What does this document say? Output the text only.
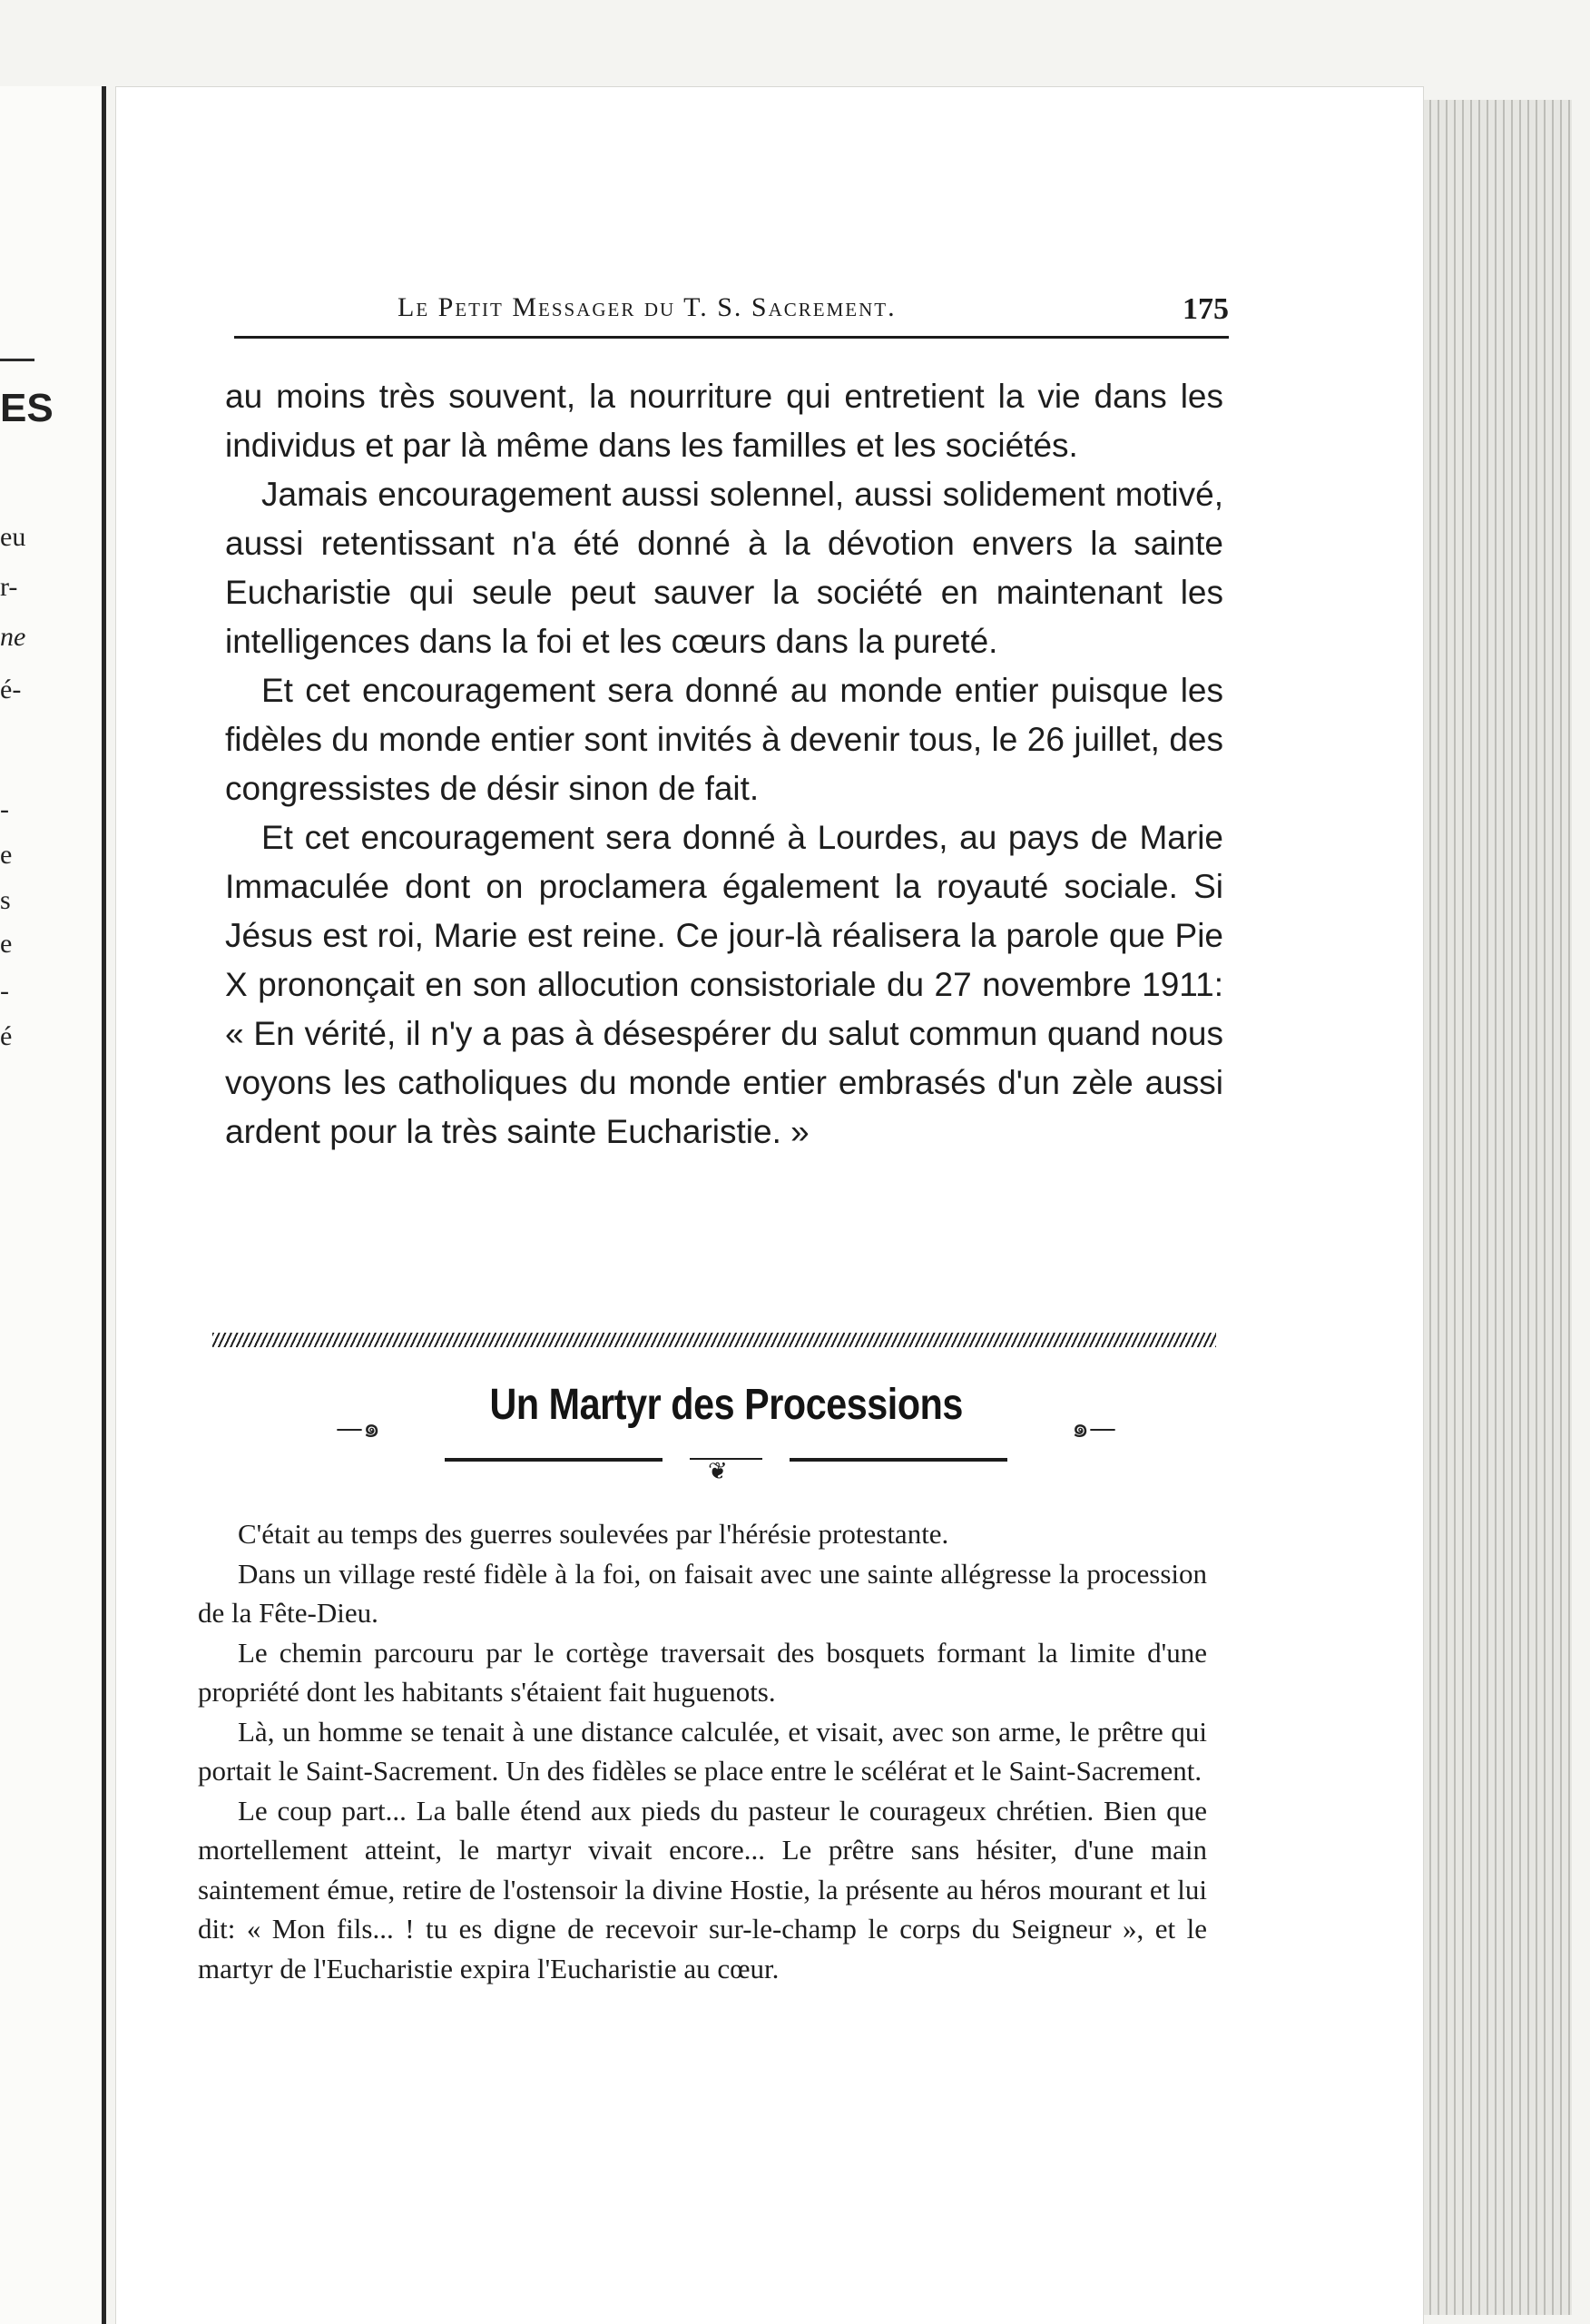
ES
eu
r-
ne
é-
-
e
s
e
-
é
Le Petit Messager du T. S. Sacrement.	175

au moins très souvent, la nourriture qui entretient la vie dans les individus et par là même dans les familles et les sociétés.

Jamais encouragement aussi solennel, aussi solidement motivé, aussi retentissant n'a été donné à la dévotion envers la sainte Eucharistie qui seule peut sauver la société en maintenant les intelligences dans la foi et les cœurs dans la pureté.

Et cet encouragement sera donné au monde entier puisque les fidèles du monde entier sont invités à devenir tous, le 26 juillet, des congressistes de désir sinon de fait.

Et cet encouragement sera donné à Lourdes, au pays de Marie Immaculée dont on proclamera également la royauté sociale. Si Jésus est roi, Marie est reine. Ce jour-là réalisera la parole que Pie X prononçait en son allocution consistoriale du 27 novembre 1911: « En vérité, il n'y a pas à désespérer du salut commun quand nous voyons les catholiques du monde entier embrasés d'un zèle aussi ardent pour la très sainte Eucharistie. »

—๑	Un Martyr des Processions	๑—
❦

C'était au temps des guerres soulevées par l'hérésie protestante.

Dans un village resté fidèle à la foi, on faisait avec une sainte allégresse la procession de la Fête-Dieu.

Le chemin parcouru par le cortège traversait des bosquets formant la limite d'une propriété dont les habitants s'étaient fait huguenots.

Là, un homme se tenait à une distance calculée, et visait, avec son arme, le prêtre qui portait le Saint-Sacrement. Un des fidèles se place entre le scélérat et le Saint-Sacrement.

Le coup part... La balle étend aux pieds du pasteur le courageux chrétien. Bien que mortellement atteint, le martyr vivait encore... Le prêtre sans hésiter, d'une main saintement émue, retire de l'ostensoir la divine Hostie, la présente au héros mourant et lui dit: « Mon fils... ! tu es digne de recevoir sur-le-champ le corps du Seigneur », et le martyr de l'Eucharistie expira l'Eucharistie au cœur.
